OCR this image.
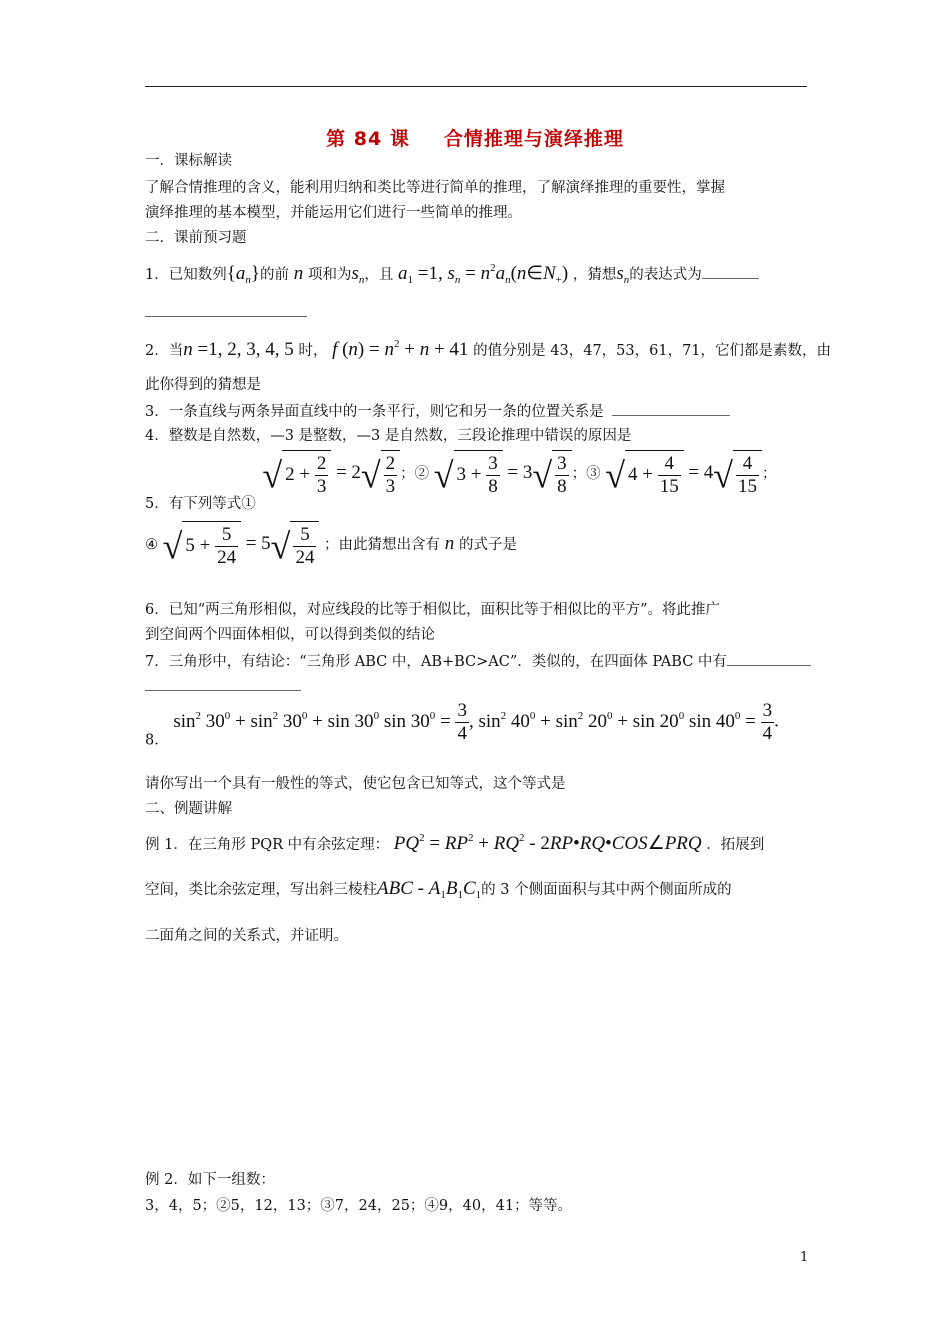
第 84 课 合情推理与演绎推理
一．课标解读
了解合情推理的含义，能利用归纳和类比等进行简单的推理，了解演绎推理的重要性，掌握
演绎推理的基本模型，并能运用它们进行一些简单的推理。
二．课前预习题
1．已知数列$\{a_n\}$的前 n 项和为$s_n$，且 $a_1 =1$, $s_n$ = $n^2a_n(n\in N_+)$ ，猜想$s_n$的表达式为
2．当n =1, 2, 3, 4, 5 时， f $(n) = n^2 + n + 41$ 的值分别是 43，47，53，61，71，它们都是素数，由
此你得到的猜想是
3．一条直线与两条异面直线中的一条平行，则它和另一条的位置关系是
4．整数是自然数，—3 是整数，—3 是自然数，三段论推理中错误的原因是
5．有下列等式① √ $2 + \frac{2}{3} = 2√ \frac{2}{3}$ ；② √ $3 + \frac{3}{8} = 3√ \frac{3}{8}$ ；③ √ $4 + \frac{4}{15} = 4√ \frac{4}{15}$ ；
④ √ $5 + \frac{5}{24} = 5√ \frac{5}{24}$ ；由此猜想出含有 n 的式子是
6．已知“两三角形相似，对应线段的比等于相似比，面积比等于相似比的平方”。将此推广
到空间两个四面体相似，可以得到类似的结论
7．三角形中，有结论：“三角形 ABC 中，AB+BC>AC”．类似的，在四面体 PABC 中有
8． $\sin^2 30^0 + \sin^2 30^0 + \sin 30^0$ $\sin 30^0 = \frac{3}{4}$ , $\sin^2 40^0 + \sin^2 20^0 + \sin 20^0$ $\sin 40^0 = \frac{3}{4}$ .
请你写出一个具有一般性的等式，使它包含已知等式，这个等式是
二、例题讲解
例 1．在三角形 PQR 中有余弦定理： $PQ^2 = RP^2 + RQ^2$ - 2RP•RQ•COS∠PRQ ．拓展到
空间，类比余弦定理，写出斜三棱柱ABC - $A_1B_1C_1$的 3 个侧面面积与其中两个侧面所成的
二面角之间的关系式，并证明。
例 2．如下一组数：
3，4，5；②5，12，13；③7，24，25；④9，40，41；等等。
1
